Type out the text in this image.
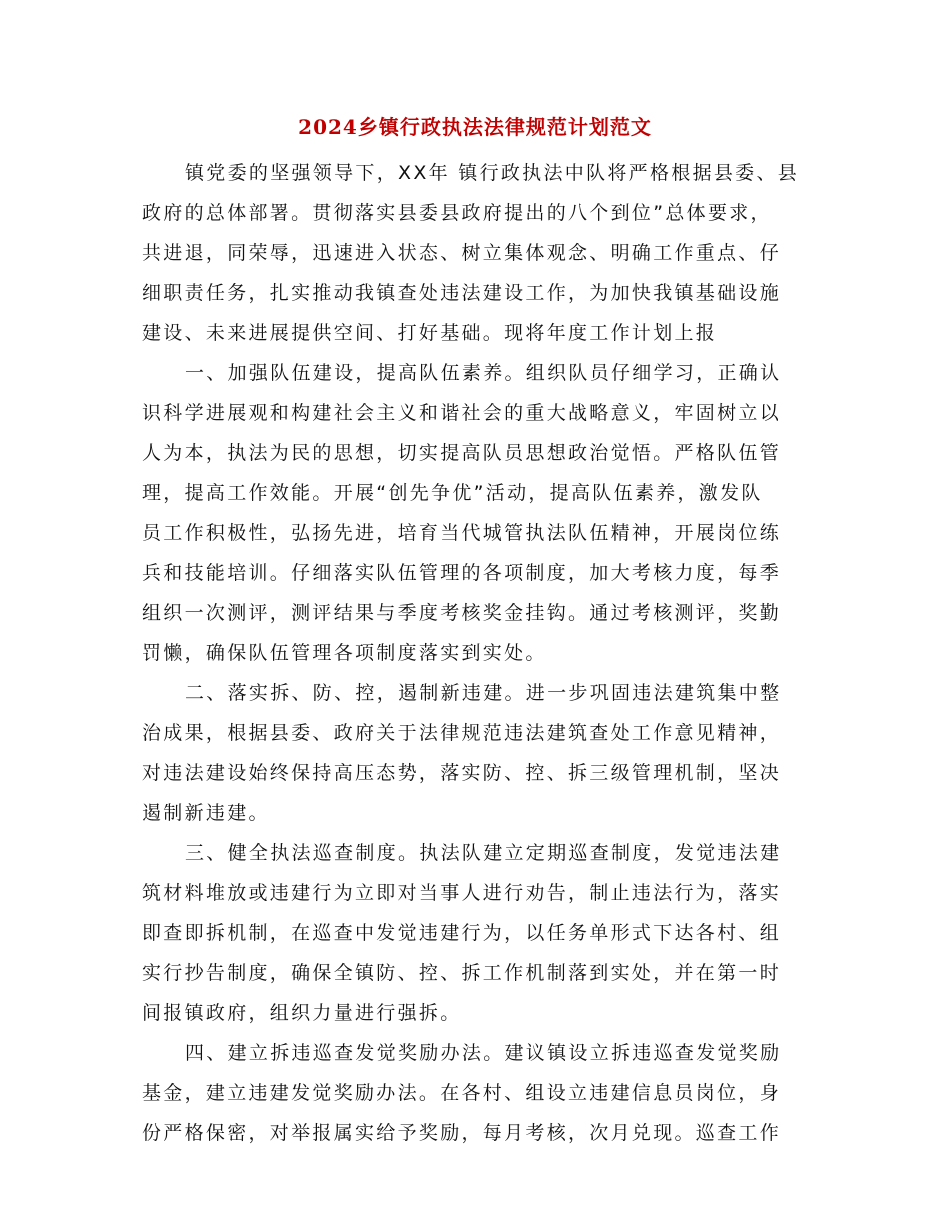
2024乡镇行政执法法律规范计划范文
镇党委的坚强领导下，XX年 镇行政执法中队将严格根据县委、县
政府的总体部署。贯彻落实县委县政府提出的八个到位”总体要求，
共进退，同荣辱，迅速进入状态、树立集体观念、明确工作重点、仔
细职责任务，扎实推动我镇查处违法建设工作，为加快我镇基础设施
建设、未来进展提供空间、打好基础。现将年度工作计划上报
一、加强队伍建设，提高队伍素养。组织队员仔细学习，正确认
识科学进展观和构建社会主义和谐社会的重大战略意义，牢固树立以
人为本，执法为民的思想，切实提高队员思想政治觉悟。严格队伍管
理，提高工作效能。开展“创先争优”活动，提高队伍素养，激发队
员工作积极性，弘扬先进，培育当代城管执法队伍精神，开展岗位练
兵和技能培训。仔细落实队伍管理的各项制度，加大考核力度，每季
组织一次测评，测评结果与季度考核奖金挂钩。通过考核测评，奖勤
罚懒，确保队伍管理各项制度落实到实处。
二、落实拆、防、控，遏制新违建。进一步巩固违法建筑集中整
治成果，根据县委、政府关于法律规范违法建筑查处工作意见精神，
对违法建设始终保持高压态势，落实防、控、拆三级管理机制，坚决
遏制新违建。
三、健全执法巡查制度。执法队建立定期巡查制度，发觉违法建
筑材料堆放或违建行为立即对当事人进行劝告，制止违法行为，落实
即查即拆机制，在巡查中发觉违建行为，以任务单形式下达各村、组
实行抄告制度，确保全镇防、控、拆工作机制落到实处，并在第一时
间报镇政府，组织力量进行强拆。
四、建立拆违巡查发觉奖励办法。建议镇设立拆违巡查发觉奖励
基金，建立违建发觉奖励办法。在各村、组设立违建信息员岗位，身
份严格保密，对举报属实给予奖励，每月考核，次月兑现。巡查工作
